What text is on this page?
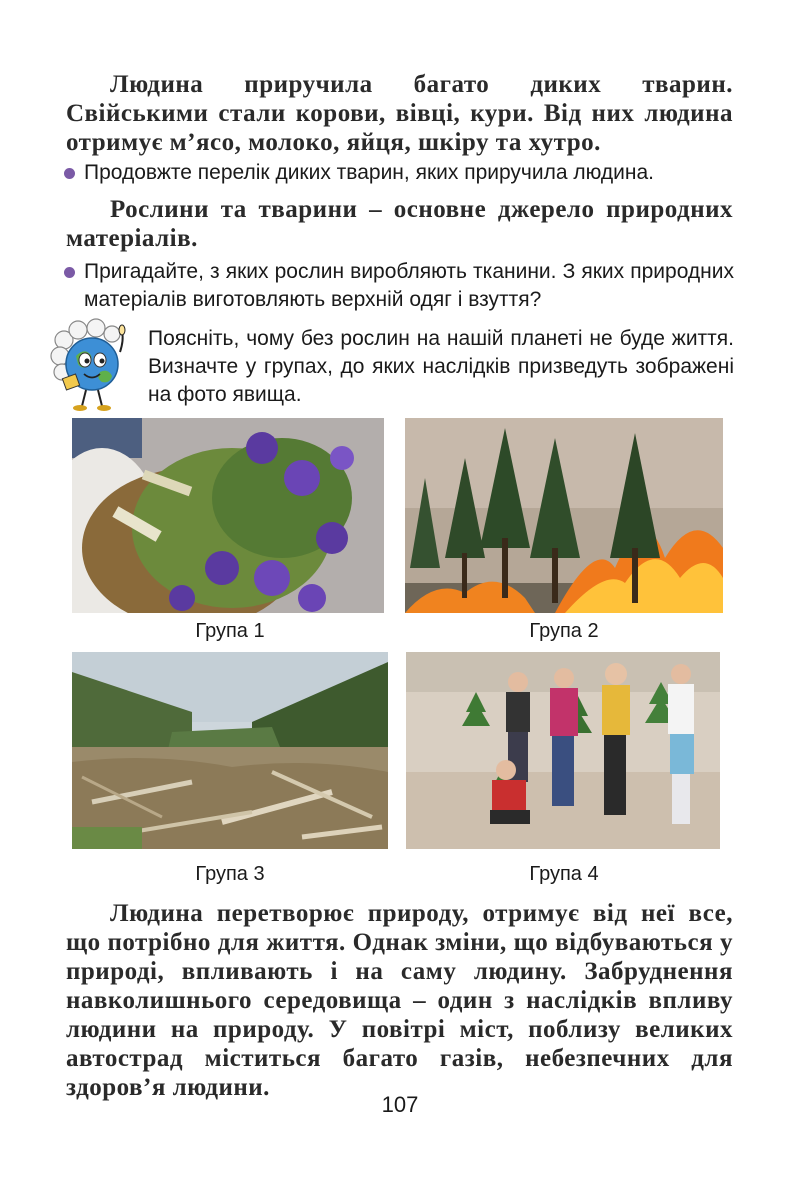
Людина приручила багато диких тварин. Свійськими стали корови, вівці, кури. Від них людина отримує м’ясо, молоко, яйця, шкіру та хутро.

Продовжте перелік диких тварин, яких приручила людина.

Рослини та тварини – основне джерело природних матеріалів.

Пригадайте, з яких рослин виробляють тканини. З яких природних матеріалів виготовляють верхній одяг і взуття?

Поясніть, чому без рослин на нашій планеті не буде життя. Визначте у групах, до яких наслідків призведуть зображені на фото явища.

Група 1	Група 2
Група 3	Група 4

Людина перетворює природу, отримує від неї все, що потрібно для життя. Однак зміни, що відбуваються у природі, впливають і на саму людину. Забруднення навколишнього середовища – один з наслідків впливу людини на природу. У повітрі міст, поблизу великих автострад міститься багато газів, небезпечних для здоров’я людини.

107
